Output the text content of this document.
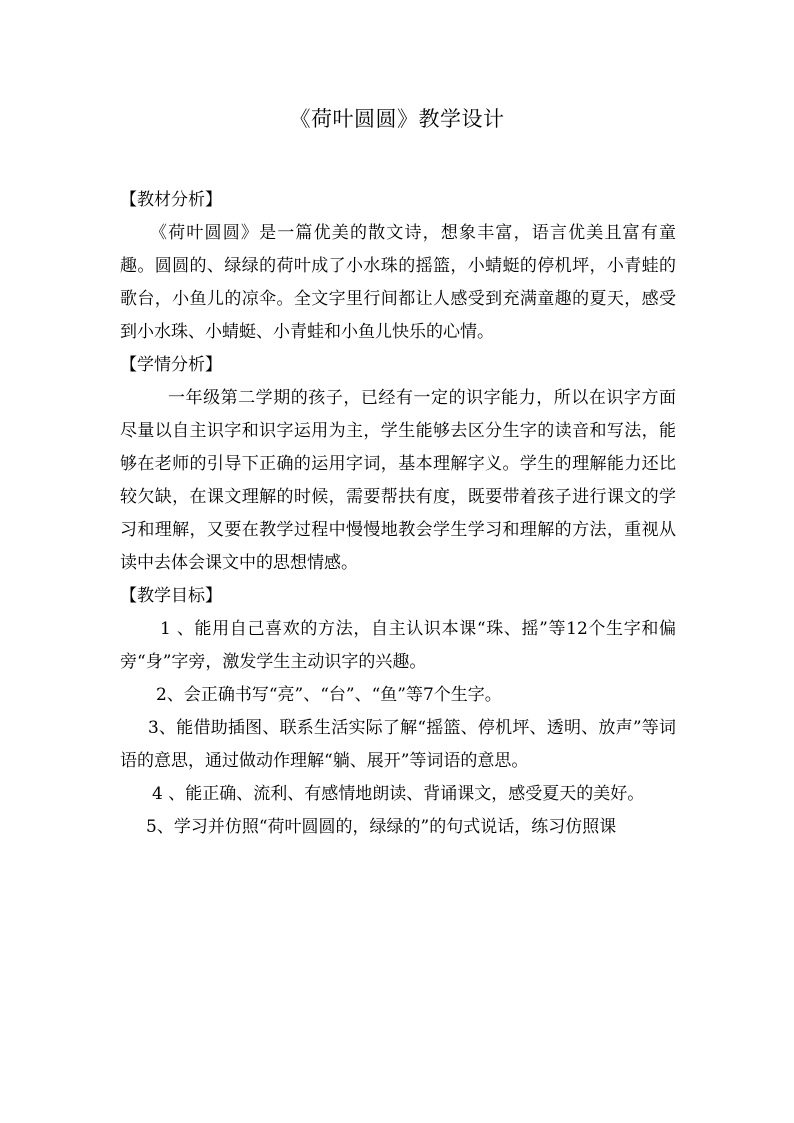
《荷叶圆圆》教学设计

【教材分析】

《荷叶圆圆》是一篇优美的散文诗，想象丰富，语言优美且富有童趣。圆圆的、绿绿的荷叶成了小水珠的摇篮，小蜻蜓的停机坪，小青蛙的歌台，小鱼儿的凉伞。全文字里行间都让人感受到充满童趣的夏天，感受到小水珠、小蜻蜓、小青蛙和小鱼儿快乐的心情。

【学情分析】

一年级第二学期的孩子，已经有一定的识字能力，所以在识字方面尽量以自主识字和识字运用为主，学生能够去区分生字的读音和写法，能够在老师的引导下正确的运用字词，基本理解字义。学生的理解能力还比较欠缺，在课文理解的时候，需要帮扶有度，既要带着孩子进行课文的学习和理解，又要在教学过程中慢慢地教会学生学习和理解的方法，重视从读中去体会课文中的思想情感。

【教学目标】

1 、能用自己喜欢的方法，自主认识本课“珠、摇”等12个生字和偏旁“身”字旁，激发学生主动识字的兴趣。

2、会正确书写“亮”、“台”、“鱼”等7个生字。

3、能借助插图、联系生活实际了解“摇篮、停机坪、透明、放声”等词语的意思，通过做动作理解“躺、展开”等词语的意思。

4 、能正确、流利、有感情地朗读、背诵课文，感受夏天的美好。

5、学习并仿照“荷叶圆圆的，绿绿的”的句式说话，练习仿照课
